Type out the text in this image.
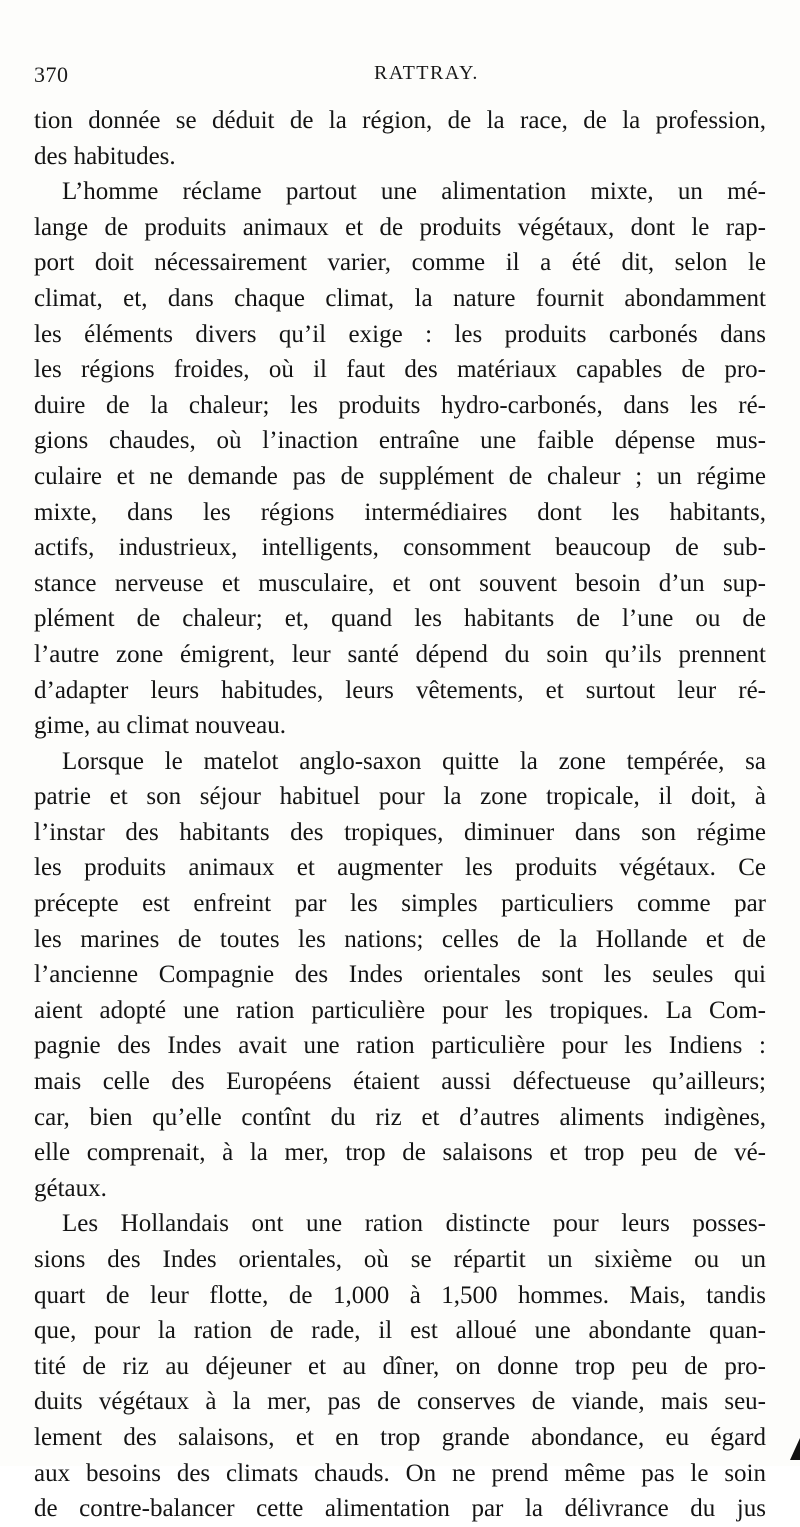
370	RATTRAY.
tion donnée se déduit de la région, de la race, de la profession,
des habitudes.
L’homme réclame partout une alimentation mixte, un mé-
lange de produits animaux et de produits végétaux, dont le rap-
port doit nécessairement varier, comme il a été dit, selon le
climat, et, dans chaque climat, la nature fournit abondamment
les éléments divers qu’il exige : les produits carbonés dans
les régions froides, où il faut des matériaux capables de pro-
duire de la chaleur; les produits hydro-carbonés, dans les ré-
gions chaudes, où l’inaction entraîne une faible dépense mus-
culaire et ne demande pas de supplément de chaleur ; un régime
mixte, dans les régions intermédiaires dont les habitants,
actifs, industrieux, intelligents, consomment beaucoup de sub-
stance nerveuse et musculaire, et ont souvent besoin d’un sup-
plément de chaleur; et, quand les habitants de l’une ou de
l’autre zone émigrent, leur santé dépend du soin qu’ils prennent
d’adapter leurs habitudes, leurs vêtements, et surtout leur ré-
gime, au climat nouveau.
Lorsque le matelot anglo-saxon quitte la zone tempérée, sa
patrie et son séjour habituel pour la zone tropicale, il doit, à
l’instar des habitants des tropiques, diminuer dans son régime
les produits animaux et augmenter les produits végétaux. Ce
précepte est enfreint par les simples particuliers comme par
les marines de toutes les nations; celles de la Hollande et de
l’ancienne Compagnie des Indes orientales sont les seules qui
aient adopté une ration particulière pour les tropiques. La Com-
pagnie des Indes avait une ration particulière pour les Indiens :
mais celle des Européens étaient aussi défectueuse qu’ailleurs;
car, bien qu’elle contînt du riz et d’autres aliments indigènes,
elle comprenait, à la mer, trop de salaisons et trop peu de vé-
gétaux.
Les Hollandais ont une ration distincte pour leurs posses-
sions des Indes orientales, où se répartit un sixième ou un
quart de leur flotte, de 1,000 à 1,500 hommes. Mais, tandis
que, pour la ration de rade, il est alloué une abondante quan-
tité de riz au déjeuner et au dîner, on donne trop peu de pro-
duits végétaux à la mer, pas de conserves de viande, mais seu-
lement des salaisons, et en trop grande abondance, eu égard
aux besoins des climats chauds. On ne prend même pas le soin
de contre-balancer cette alimentation par la délivrance du jus
